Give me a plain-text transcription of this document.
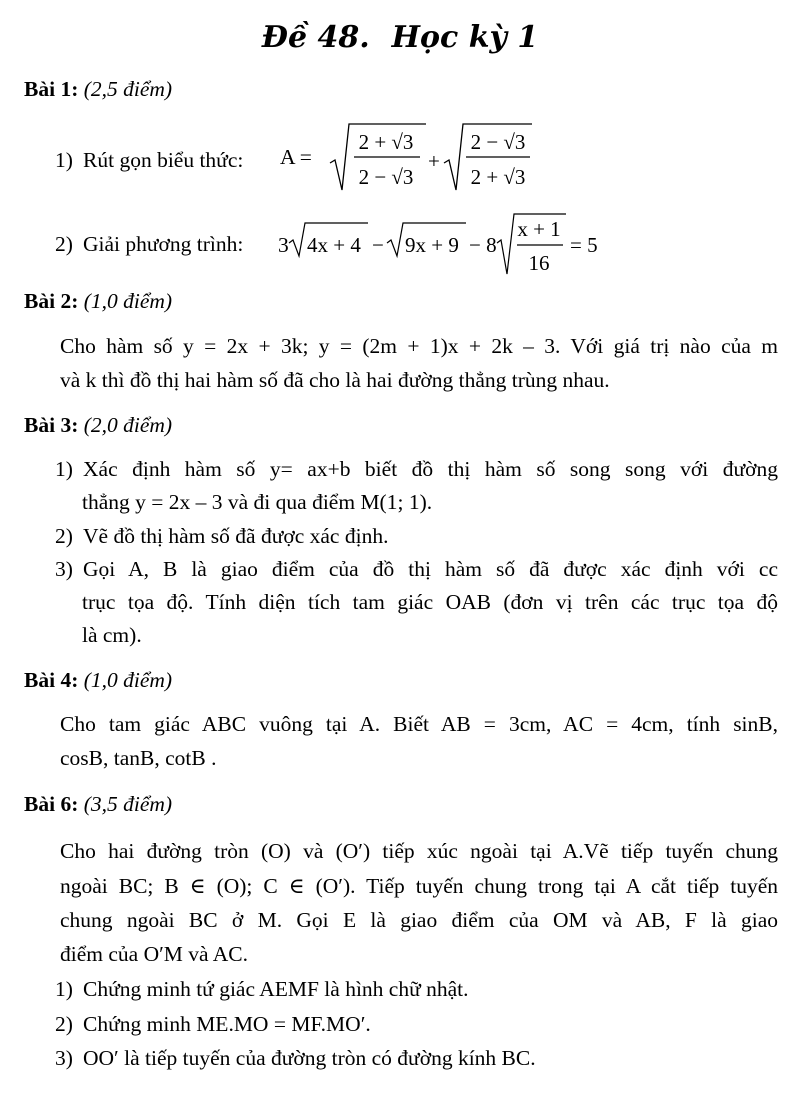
Đề 48. Học kỳ 1
Bài 1: (2,5 điểm)
1) Rút gọn biểu thức: A =
2 + √3
2 − √3
+
2 − √3
2 + √3
2) Giải phương trình: 3 4x + 4 − 9x + 9 − 8
x + 1
16
= 5
Bài 2: (1,0 điểm)
Cho hàm số y = 2x + 3k; y = (2m + 1)x + 2k – 3. Với giá trị nào của m
và k thì đồ thị hai hàm số đã cho là hai đường thẳng trùng nhau.
Bài 3: (2,0 điểm)
1) Xác định hàm số y= ax+b biết đồ thị hàm số song song với đường
thẳng y = 2x – 3 và đi qua điểm M(1; 1).
2) Vẽ đồ thị hàm số đã được xác định.
3) Gọi A, B là giao điểm của đồ thị hàm số đã được xác định với cc
trục tọa độ. Tính diện tích tam giác OAB (đơn vị trên các trục tọa độ
là cm).
Bài 4: (1,0 điểm)
Cho tam giác ABC vuông tại A. Biết AB = 3cm, AC = 4cm, tính sinB,
cosB, tanB, cotB .
Bài 6: (3,5 điểm)
Cho hai đường tròn (O) và (O′) tiếp xúc ngoài tại A.Vẽ tiếp tuyến chung
ngoài BC; B ∈ (O); C ∈ (O′). Tiếp tuyến chung trong tại A cắt tiếp tuyến
chung ngoài BC ở M. Gọi E là giao điểm của OM và AB, F là giao
điểm của O′M và AC.
1) Chứng minh tứ giác AEMF là hình chữ nhật.
2) Chứng minh ME.MO = MF.MO′.
3) OO′ là tiếp tuyến của đường tròn có đường kính BC.
